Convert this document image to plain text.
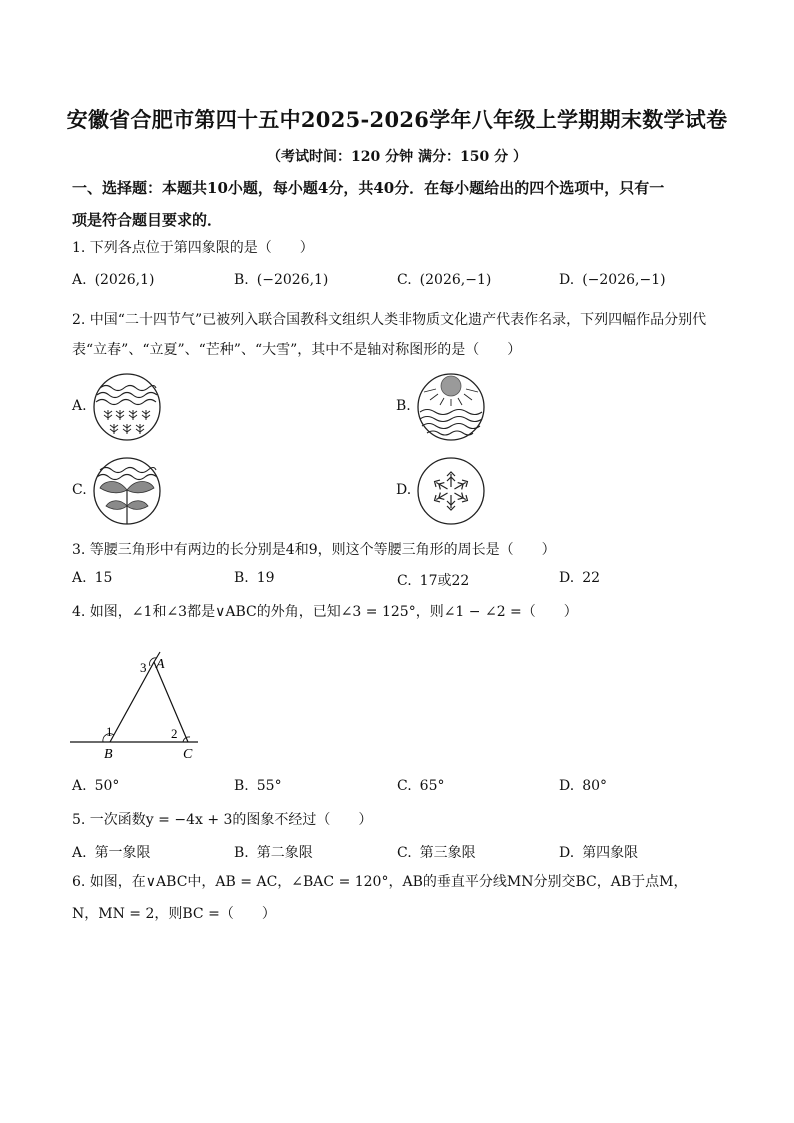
安徽省合肥市第四十五中2025-2026学年八年级上学期期末数学试卷
（考试时间：120 分钟 满分：150 分 ）
一、选择题：本题共10小题，每小题4分，共40分．在每小题给出的四个选项中，只有一
项是符合题目要求的．
1. 下列各点位于第四象限的是（　　）
A. (2026,1)	B. (−2026,1)	C. (2026,−1)	D. (−2026,−1)
2. 中国“二十四节气”已被列入联合国教科文组织人类非物质文化遗产代表作名录，下列四幅作品分别代
表“立春”、“立夏”、“芒种”、“大雪”，其中不是轴对称图形的是（　　）
A.	B.
C.	D.
3. 等腰三角形中有两边的长分别是4和9，则这个等腰三角形的周长是（　　）
A. 15	B. 19	C. 17或22	D. 22
4. 如图，∠1和∠3都是∨ABC的外角，已知∠3 = 125°，则∠1 − ∠2 =（　　）
A
B	C
1	2
3
A. 50°	B. 55°	C. 65°	D. 80°
5. 一次函数y = −4x + 3的图象不经过（　　）
A. 第一象限	B. 第二象限	C. 第三象限	D. 第四象限
6. 如图，在∨ABC中，AB = AC，∠BAC = 120°，AB的垂直平分线MN分别交BC，AB于点M，
N，MN = 2，则BC =（　　）
